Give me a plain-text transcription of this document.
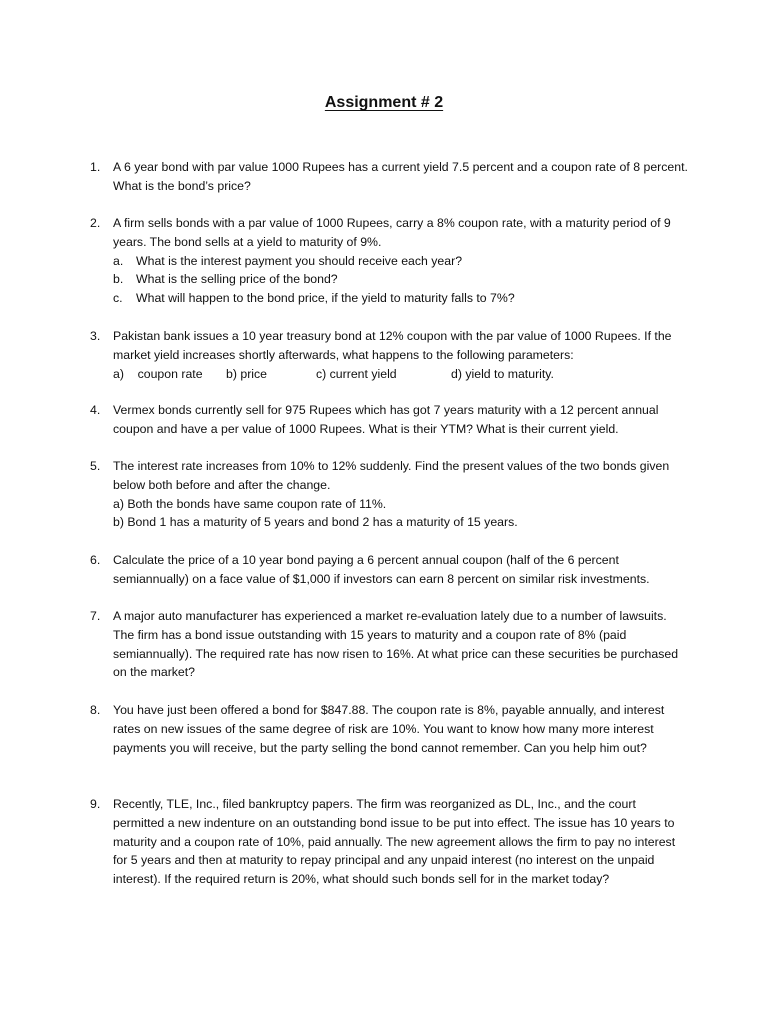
Assignment # 2
1. A 6 year bond with par value 1000 Rupees has a current yield 7.5 percent and a coupon rate of 8 percent. What is the bond’s price?
2. A firm sells bonds with a par value of 1000 Rupees, carry a 8% coupon rate, with a maturity period of 9 years. The bond sells at a yield to maturity of 9%.
a. What is the interest payment you should receive each year?
b. What is the selling price of the bond?
c. What will happen to the bond price, if the yield to maturity falls to 7%?
3. Pakistan bank issues a 10 year treasury bond at 12% coupon with the par value of 1000 Rupees. If the market yield increases shortly afterwards, what happens to the following parameters:
a)    coupon rate	b) price	c) current yield	d) yield to maturity.
4. Vermex bonds currently sell for 975 Rupees which has got 7 years maturity with a 12 percent annual coupon and have a per value of 1000 Rupees. What is their YTM? What is their current yield.
5. The interest rate increases from 10% to 12% suddenly. Find the present values of the two bonds given below both before and after the change.
a) Both the bonds have same coupon rate of 11%.
b) Bond 1 has a maturity of 5 years and bond 2 has a maturity of 15 years.
6. Calculate the price of a 10 year bond paying a 6 percent annual coupon (half of the 6 percent semiannually) on a face value of $1,000 if investors can earn 8 percent on similar risk investments.
7. A major auto manufacturer has experienced a market re-evaluation lately due to a number of lawsuits. The firm has a bond issue outstanding with 15 years to maturity and a coupon rate of 8% (paid semiannually). The required rate has now risen to 16%. At what price can these securities be purchased on the market?
8. You have just been offered a bond for $847.88. The coupon rate is 8%, payable annually, and interest rates on new issues of the same degree of risk are 10%. You want to know how many more interest payments you will receive, but the party selling the bond cannot remember. Can you help him out?
9. Recently, TLE, Inc., filed bankruptcy papers. The firm was reorganized as DL, Inc., and the court permitted a new indenture on an outstanding bond issue to be put into effect. The issue has 10 years to maturity and a coupon rate of 10%, paid annually. The new agreement allows the firm to pay no interest for 5 years and then at maturity to repay principal and any unpaid interest (no interest on the unpaid interest). If the required return is 20%, what should such bonds sell for in the market today?
